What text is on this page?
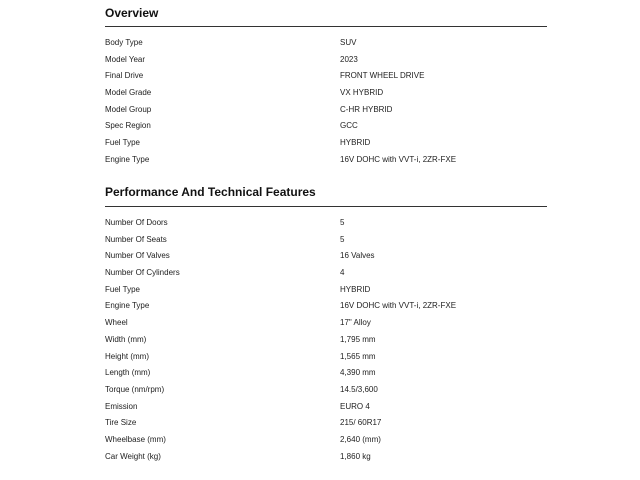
Overview
Body Type	SUV
Model Year	2023
Final Drive	FRONT WHEEL DRIVE
Model Grade	VX HYBRID
Model Group	C-HR HYBRID
Spec Region	GCC
Fuel Type	HYBRID
Engine Type	16V DOHC with VVT-i, 2ZR-FXE
Performance And Technical Features
Number Of Doors	5
Number Of Seats	5
Number Of Valves	16 Valves
Number Of Cylinders	4
Fuel Type	HYBRID
Engine Type	16V DOHC with VVT-i, 2ZR-FXE
Wheel	17" Alloy
Width (mm)	1,795 mm
Height (mm)	1,565 mm
Length (mm)	4,390 mm
Torque (nm/rpm)	14.5/3,600
Emission	EURO 4
Tire Size	215/ 60R17
Wheelbase (mm)	2,640 (mm)
Car Weight (kg)	1,860 kg
